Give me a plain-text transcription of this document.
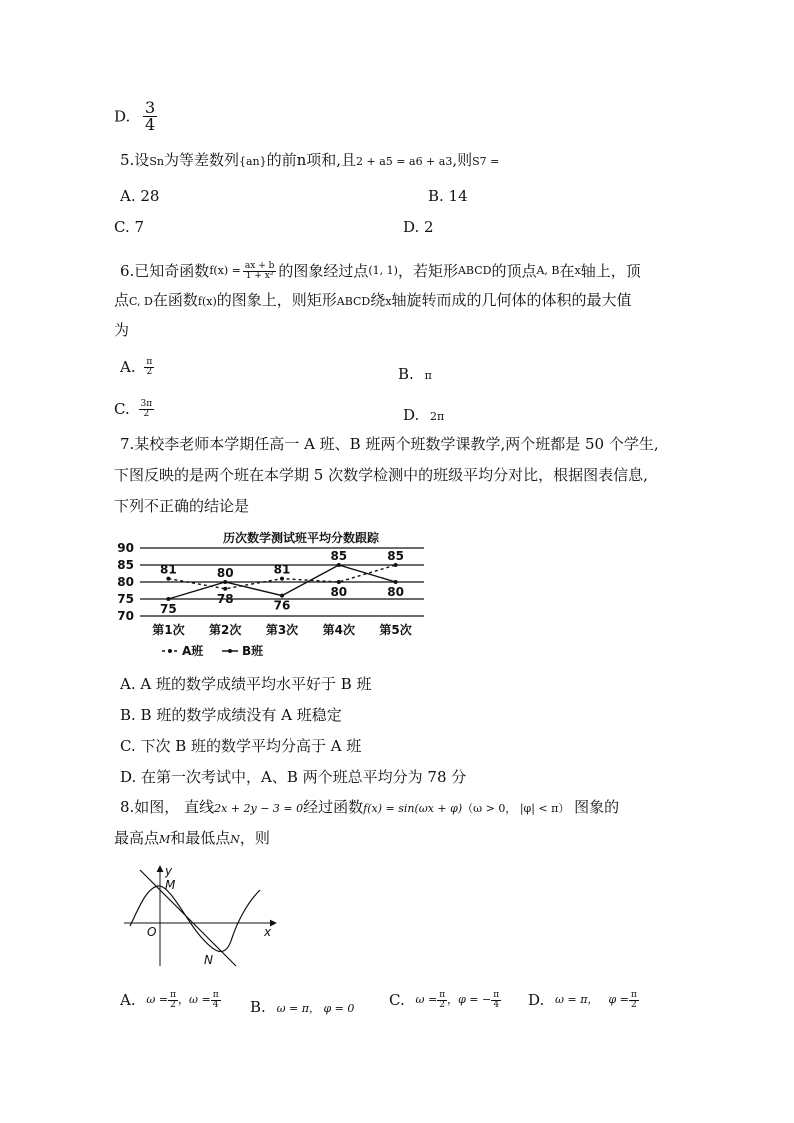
D. $\frac{3}{4}$
5.设Sn为等差数列{an}的前n项和,且2 + a5 = a6 + a3,则S7 =
A. 28	B. 14
C. 7	D. 2
6.已知奇函数$f(x) = \frac{ax + b}{\text{1 + x²}}$ 的图象经过点(1, 1)，若矩形ABCD的顶点A, B在x轴上，顶
点C, D在函数f(x)的图象上，则矩形ABCD绕x轴旋转而成的几何体的体积的最大值
为
A. $\frac{\pi}{2}$	B. π
C. $\frac{3\pi}{2}$	D. 2π
7.某校李老师本学期任高一 A 班、B 班两个班数学课教学,两个班都是 50 个学生,
下图反映的是两个班在本学期 5 次数学检测中的班级平均分对比，根据图表信息,
下列不正确的结论是
历次数学测试班平均分数跟踪
90
85
80
75
70
第1次 第2次 第3次 第4次 第5次
81
78
81
80
85
75
80
76
85
80
A班	B班
A. A 班的数学成绩平均水平好于 B 班
B. B 班的数学成绩没有 A 班稳定
C. 下次 B 班的数学平均分高于 A 班
D. 在第一次考试中，A、B 两个班总平均分为 78 分
8.如图， 直线2x + 2y − 3 = 0经过函数f(x) = sin(ωx + φ)（ω > 0， |φ| < π） 图象的
最高点M和最低点N，则
y
x
O
M
N
A. $\omega = \frac{\pi}{2}$ ，$\omega = \frac{\pi}{4} B$. ω = π， φ = 0 C. $\omega = \frac{\pi}{2}$ ，φ = − $\frac{\pi}{4} D$. ω = π， $\varphi = \frac{\pi}{2}$
